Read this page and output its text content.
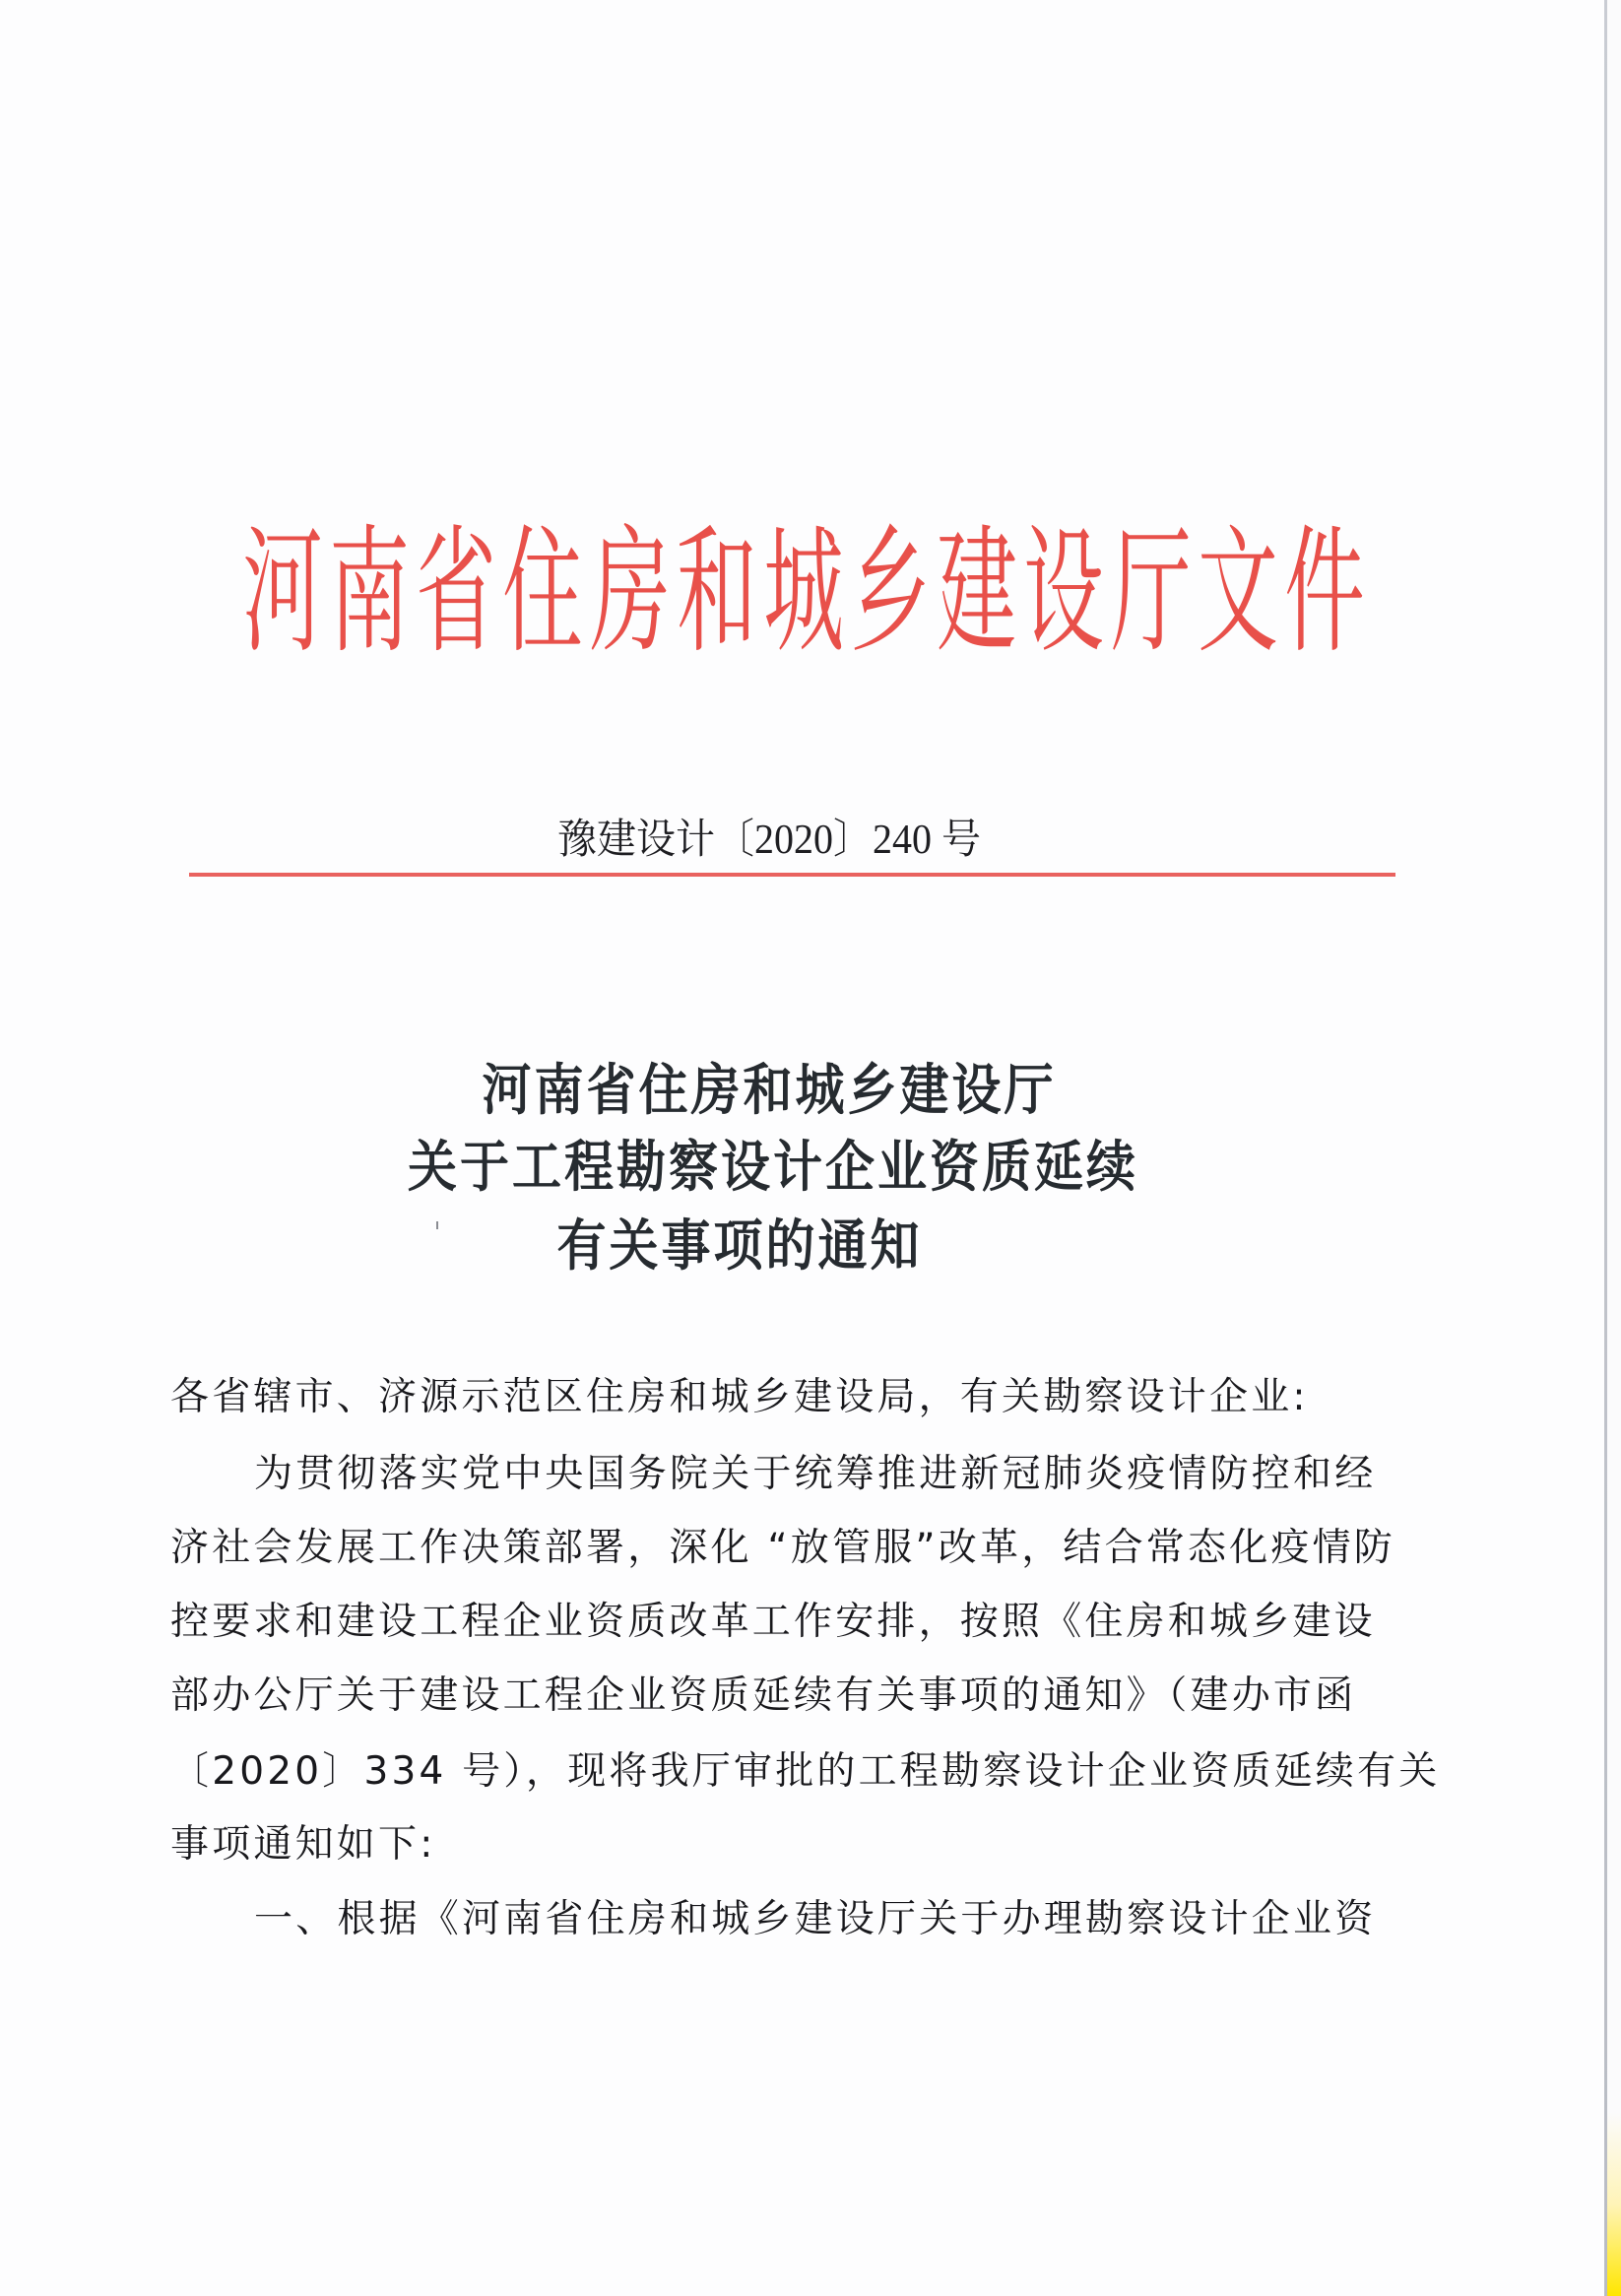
河 南 省 住 房 和 城 乡 建 设 厅 文 件
豫建设计〔2020〕240 号
河南省住房和城乡建设厅
关于工程勘察设计企业资质延续
有关事项的通知
各省辖市、济源示范区住房和城乡建设局，有关勘察设计企业:
为贯彻落实党中央国务院关于统筹推进新冠肺炎疫情防控和经
济社会发展工作决策部署，深化 “放管服”改革，结合常态化疫情防
控要求和建设工程企业资质改革工作安排，按照《住房和城乡建设
部办公厅关于建设工程企业资质延续有关事项的通知》（建办市函
〔2020〕334 号），现将我厅审批的工程勘察设计企业资质延续有关
事项通知如下:
一、根据《河南省住房和城乡建设厅关于办理勘察设计企业资
